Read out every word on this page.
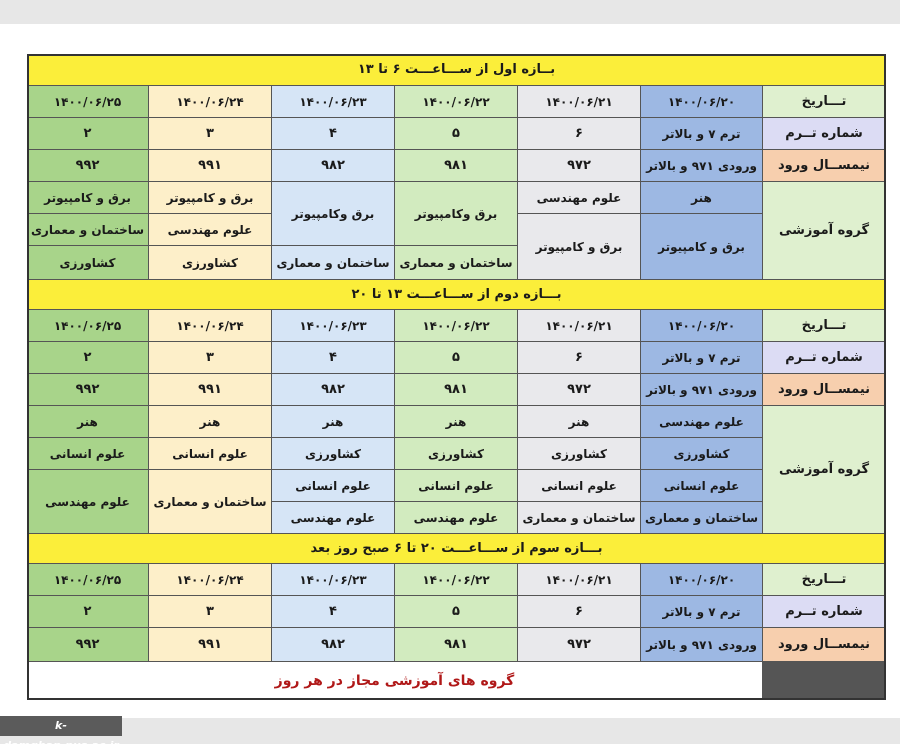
بــازه اول از ســـاعـــت ۶ تا ۱۳
تـــاریخ
۱۴۰۰/۰۶/۲۰
۱۴۰۰/۰۶/۲۱
۱۴۰۰/۰۶/۲۲
۱۴۰۰/۰۶/۲۳
۱۴۰۰/۰۶/۲۴
۱۴۰۰/۰۶/۲۵
شماره تــرم
ترم ۷ و بالاتر
۶
۵
۴
۳
۲
نیمســال ورود
ورودی ۹۷۱ و بالاتر
۹۷۲
۹۸۱
۹۸۲
۹۹۱
۹۹۲
گروه آموزشی
هنر
برق و کامپیوتر
علوم مهندسی
برق و کامپیوتر
برق وکامپیوتر
ساختمان و معماری
برق وکامپیوتر
ساختمان و معماری
برق و کامپیوتر
علوم مهندسی
کشاورزی
برق و کامپیوتر
ساختمان و معماری
کشاورزی
بـــازه دوم از ســـاعـــت ۱۳ تا ۲۰
تـــاریخ
۱۴۰۰/۰۶/۲۰
۱۴۰۰/۰۶/۲۱
۱۴۰۰/۰۶/۲۲
۱۴۰۰/۰۶/۲۳
۱۴۰۰/۰۶/۲۴
۱۴۰۰/۰۶/۲۵
شماره تــرم
ترم ۷ و بالاتر
۶
۵
۴
۳
۲
نیمســال ورود
ورودی ۹۷۱ و بالاتر
۹۷۲
۹۸۱
۹۸۲
۹۹۱
۹۹۲
گروه آموزشی
علوم مهندسی
کشاورزی
علوم انسانی
ساختمان و معماری
هنر
کشاورزی
علوم انسانی
ساختمان و معماری
هنر
کشاورزی
علوم انسانی
علوم مهندسی
هنر
کشاورزی
علوم انسانی
علوم مهندسی
هنر
علوم انسانی
ساختمان و معماری
هنر
علوم انسانی
علوم مهندسی
بـــازه سوم از ســـاعـــت ۲۰ تا ۶ صبح روز بعد
تـــاریخ
۱۴۰۰/۰۶/۲۰
۱۴۰۰/۰۶/۲۱
۱۴۰۰/۰۶/۲۲
۱۴۰۰/۰۶/۲۳
۱۴۰۰/۰۶/۲۴
۱۴۰۰/۰۶/۲۵
شماره تــرم
ترم ۷ و بالاتر
۶
۵
۴
۳
۲
نیمســال ورود
ورودی ۹۷۱ و بالاتر
۹۷۲
۹۸۱
۹۸۲
۹۹۱
۹۹۲
گروه های آموزشی مجاز در هر روز
k-damghan.nus.ac.ir
